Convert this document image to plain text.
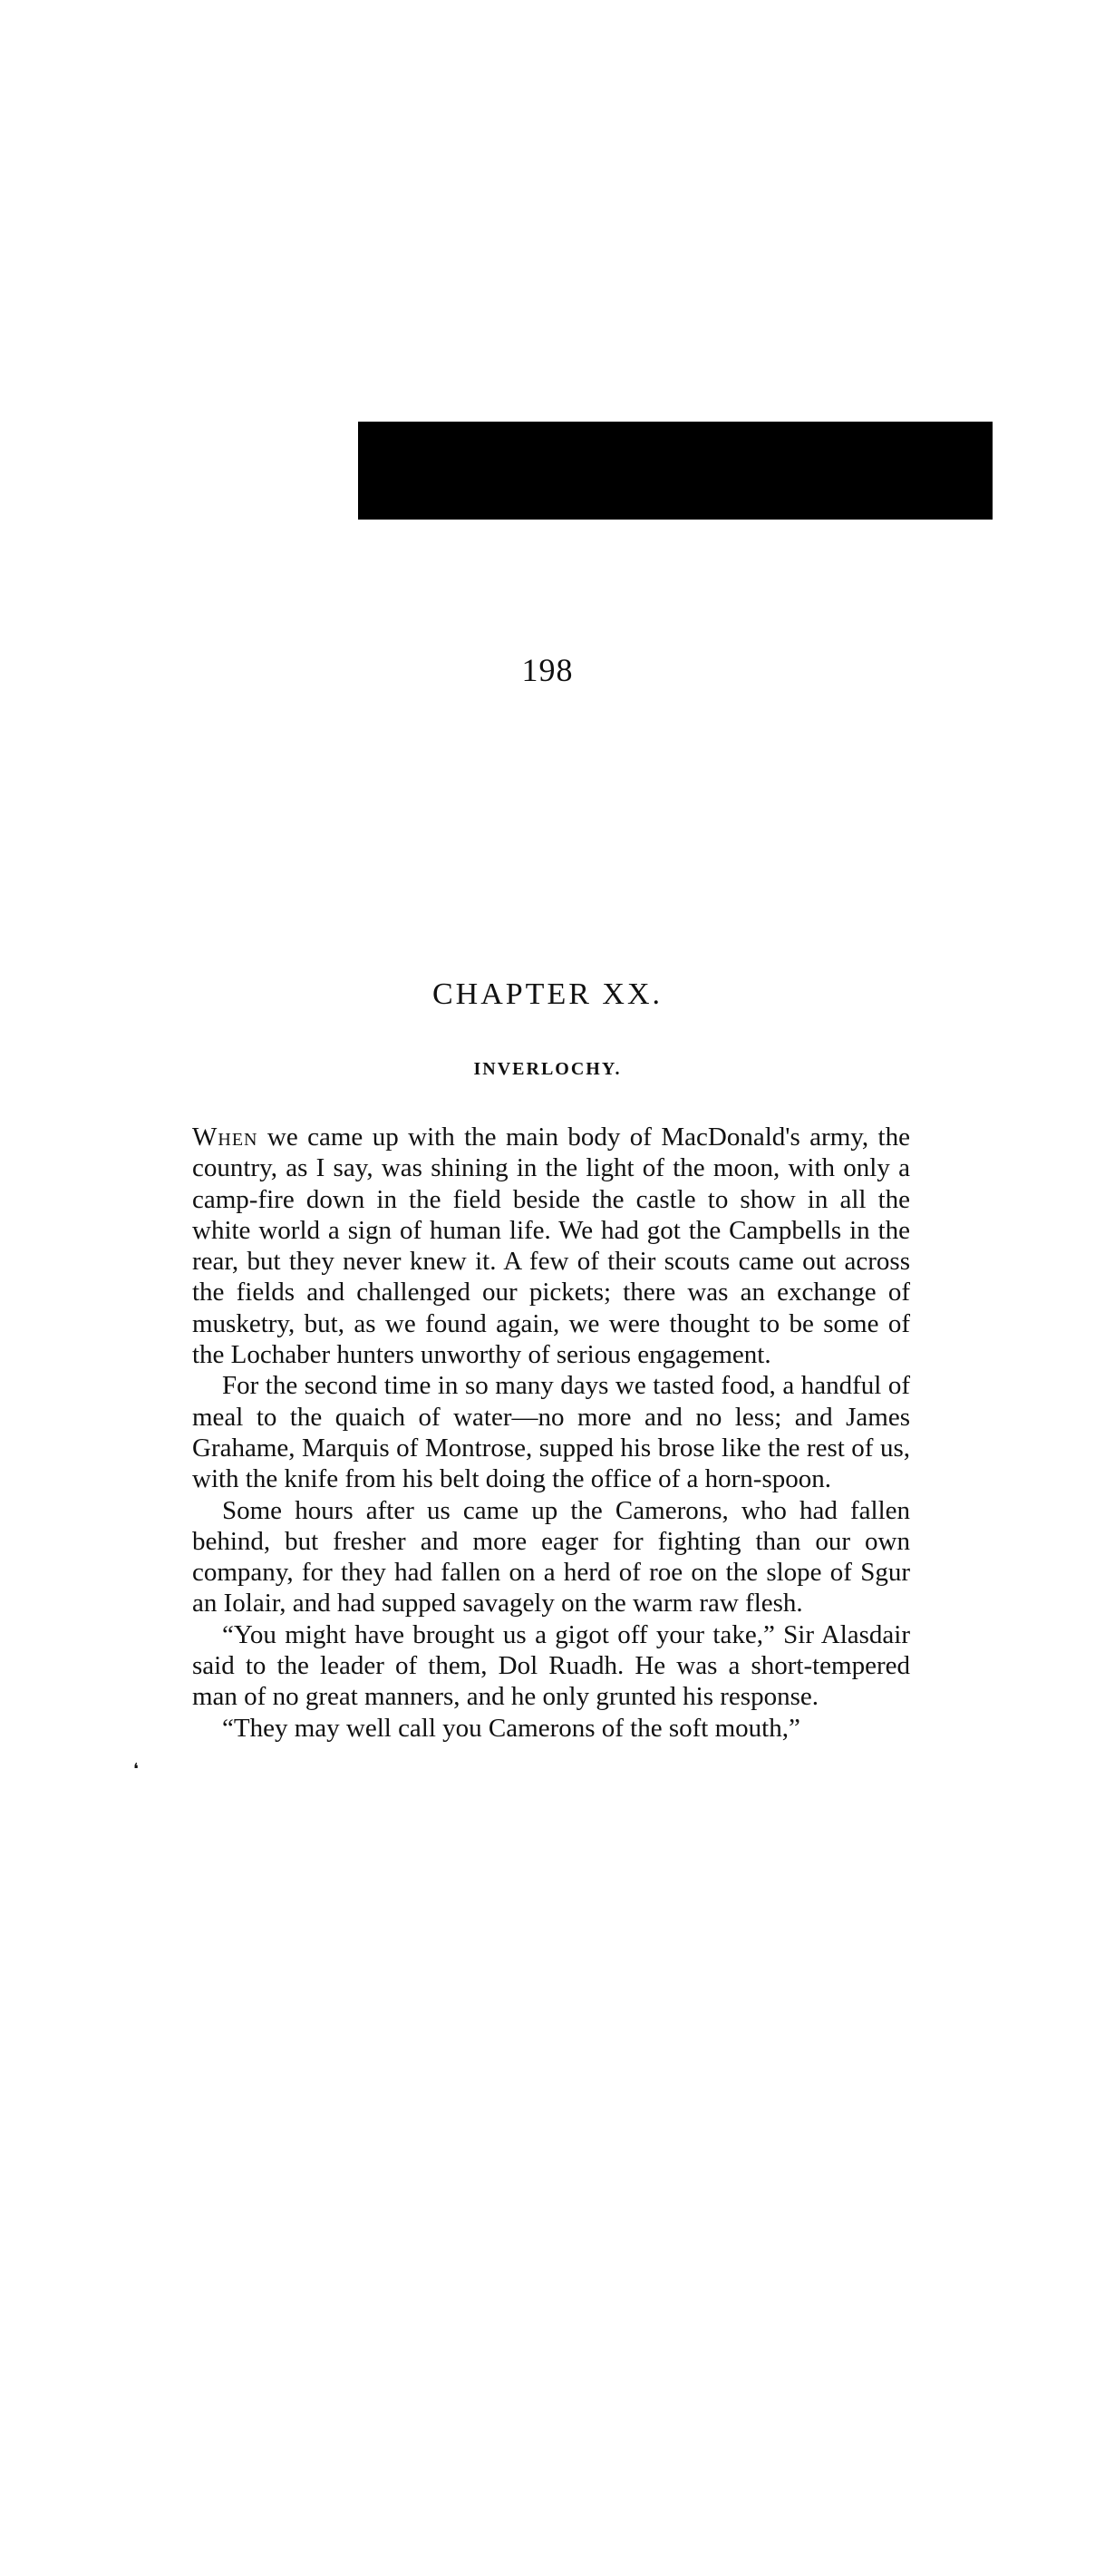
198
CHAPTER XX.
INVERLOCHY.
❛

When we came up with the main body of MacDonald's army, the country, as I say, was shining in the light of the moon, with only a camp-fire down in the field beside the castle to show in all the white world a sign of human life. We had got the Campbells in the rear, but they never knew it. A few of their scouts came out across the fields and challenged our pickets; there was an exchange of musketry, but, as we found again, we were thought to be some of the Lochaber hunters unworthy of serious engagement.

For the second time in so many days we tasted food, a handful of meal to the quaich of water—no more and no less; and James Grahame, Marquis of Montrose, supped his brose like the rest of us, with the knife from his belt doing the office of a horn-spoon.

Some hours after us came up the Camerons, who had fallen behind, but fresher and more eager for fighting than our own company, for they had fallen on a herd of roe on the slope of Sgur an Iolair, and had supped savagely on the warm raw flesh.

“You might have brought us a gigot off your take,” Sir Alasdair said to the leader of them, Dol Ruadh. He was a short-tempered man of no great manners, and he only grunted his response.

“They may well call you Camerons of the soft mouth,”
